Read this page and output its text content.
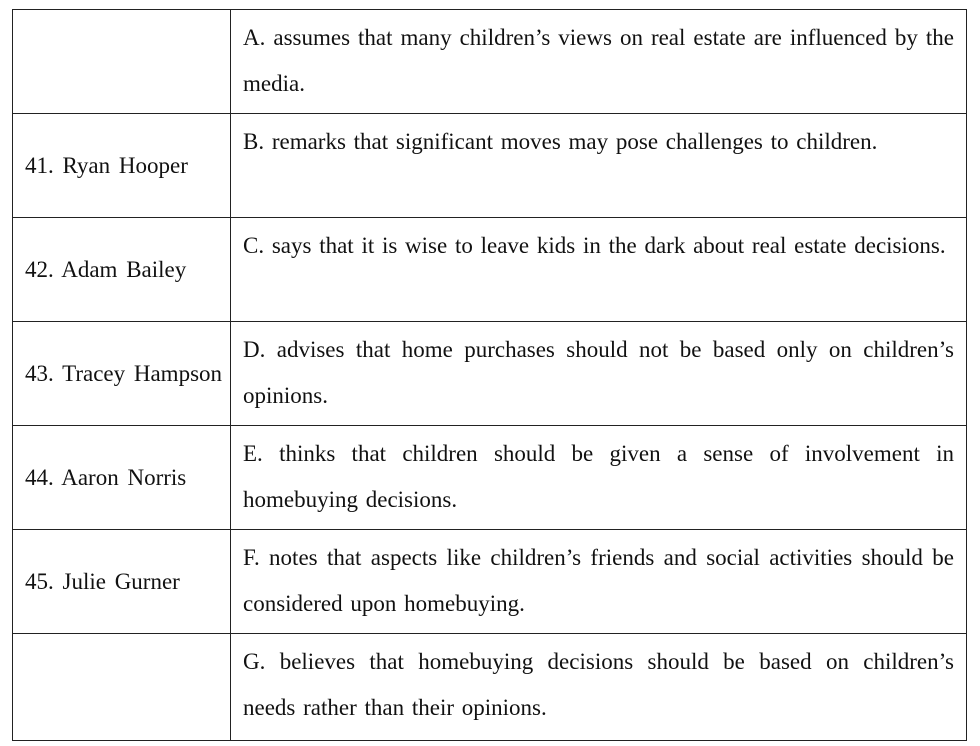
	A. assumes that many children’s views on real estate are influenced by the media.
41. Ryan Hooper	B. remarks that significant moves may pose challenges to children.
42. Adam Bailey	C. says that it is wise to leave kids in the dark about real estate decisions.
43. Tracey Hampson	D. advises that home purchases should not be based only on children’s opinions.
44. Aaron Norris	E. thinks that children should be given a sense of involvement in homebuying decisions.
45. Julie Gurner	F. notes that aspects like children’s friends and social activities should be considered upon homebuying.
	G. believes that homebuying decisions should be based on children’s needs rather than their opinions.
